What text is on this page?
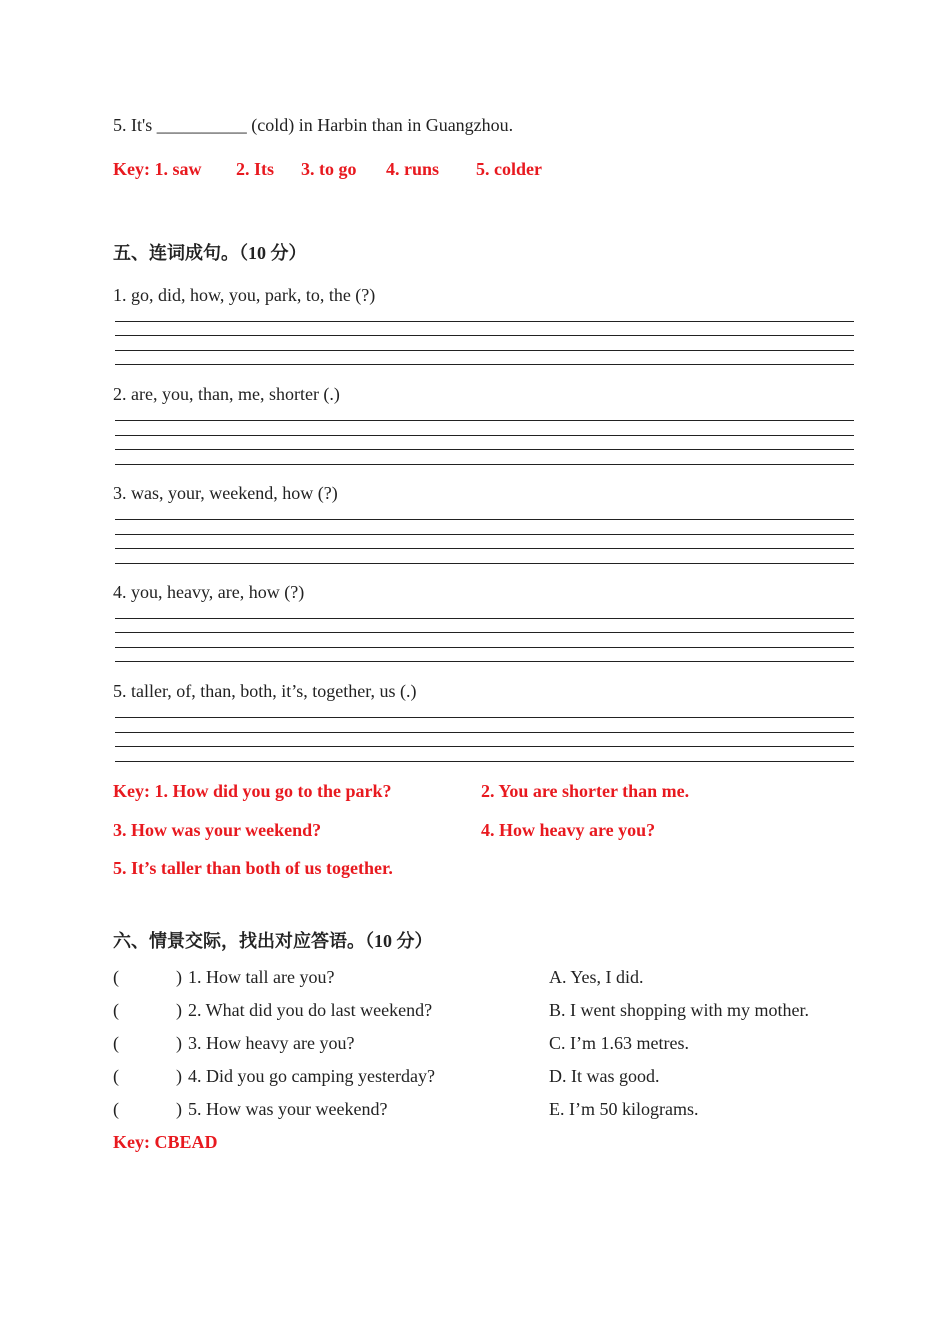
5. It's __________ (cold) in Harbin than in Guangzhou.
Key: 1. saw 2. Its 3. to go 4. runs 5. colder
五、连词成句。（10 分）
1. go, did, how, you, park, to, the (?)
2. are, you, than, me, shorter (.)
3. was, your, weekend, how (?)
4. you, heavy, are, how (?)
5. taller, of, than, both, it’s, together, us (.)
Key: 1. How did you go to the park?	2. You are shorter than me.
3. How was your weekend?	4. How heavy are you?
5. It’s taller than both of us together.
六、情景交际，找出对应答语。（10 分）
(	) 1. How tall are you?	A. Yes, I did.
(	) 2. What did you do last weekend?	B. I went shopping with my mother.
(	) 3. How heavy are you?	C. I’m 1.63 metres.
(	) 4. Did you go camping yesterday?	D. It was good.
(	) 5. How was your weekend?	E. I’m 50 kilograms.
Key: CBEAD
